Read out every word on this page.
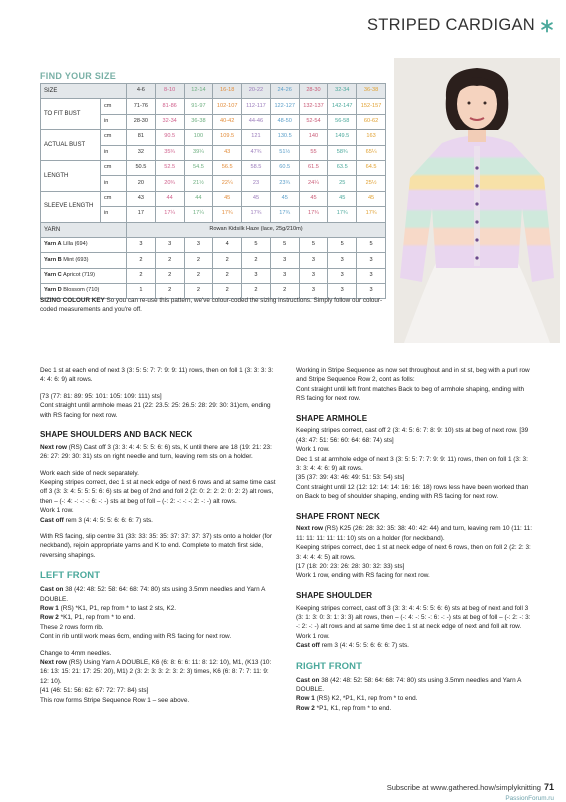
STRIPED CARDIGAN
FIND YOUR SIZE
SIZE		4-6	8-10	12-14	16-18	20-22	24-26	28-30	32-34	36-38
TO FIT BUST	cm	71-76	81-86	91-97	102-107	112-117	122-127	132-137	142-147	152-157
	in	28-30	32-34	36-38	40-42	44-46	48-50	52-54	56-58	60-62
ACTUAL BUST	cm	81	90.5	100	109.5	121	130.5	140	149.5	163
	in	32	35¾	39¼	43	47¾	51½	55	58¾	65¼
LENGTH	cm	50.5	52.5	54.5	56.5	58.5	60.5	61.5	63.5	64.5
	in	20	20¾	21½	22¼	23	23¾	24¼	25	25½
SLEEVE LENGTH	cm	43	44	44	45	45	45	45	45	45
	in	17	17¼	17¼	17¾	17¾	17¾	17¾	17¾	17¾
YARN		Rowan Kidsilk Haze (lace, 25g/210m)								
Yarn A Lilla (694)		3	3	3	4	5	5	5	5	5
Yarn B Mint (693)		2	2	2	2	2	3	3	3	3
Yarn C Apricot (719)		2	2	2	2	3	3	3	3	3
Yarn D Blossom (710)		1	2	2	2	2	2	3	3	3
SIZING COLOUR KEY So you can re-use this pattern, we've colour-coded the sizing instructions. Simply follow our colour-coded measurements and you're off.

Dec 1 st at each end of next 3 (3: 5: 5: 7: 7: 9: 9: 11) rows, then on foll 1 (3: 3: 3: 3: 4: 4: 6: 9) alt rows.

[73 (77: 81: 89: 95: 101: 105: 109: 111) sts]

Cont straight until armhole meas 21 (22: 23.5: 25: 26.5: 28: 29: 30: 31)cm, ending with RS facing for next row.

SHAPE SHOULDERS AND BACK NECK

Next row (RS) Cast off 3 (3: 3: 4: 4: 5: 5: 6: 6) sts, K until there are 18 (19: 21: 23: 26: 27: 29: 30: 31) sts on right needle and turn, leaving rem sts on a holder.

Work each side of neck separately.

Keeping stripes correct, dec 1 st at neck edge of next 6 rows and at same time cast off 3 (3: 3: 4: 5: 5: 5: 6: 6) sts at beg of 2nd and foll 2 (2: 0: 2: 2: 2: 0: 2: 2) alt rows, then – (-: 4: -: -: -: 6: -: -) sts at beg of foll – (-: 2: -: -: -: 2: -: -) alt rows.

Work 1 row.

Cast off rem 3 (4: 4: 5: 5: 6: 6: 6: 7) sts.

With RS facing, slip centre 31 (33: 33: 35: 35: 37: 37: 37: 37) sts onto a holder (for neckband), rejoin appropriate yarns and K to end. Complete to match first side, reversing shapings.

LEFT FRONT

Cast on 38 (42: 48: 52: 58: 64: 68: 74: 80) sts using 3.5mm needles and Yarn A DOUBLE.

Row 1 (RS) *K1, P1, rep from * to last 2 sts, K2.

Row 2 *K1, P1, rep from * to end.

These 2 rows form rib.

Cont in rib until work meas 6cm, ending with RS facing for next row.

Change to 4mm needles.

Next row (RS) Using Yarn A DOUBLE, K6 (6: 8: 6: 6: 11: 8: 12: 10), M1, (K13 (10: 16: 13: 15: 21: 17: 25: 20), M1) 2 (3: 2: 3: 3: 2: 3: 2: 3) times, K6 (6: 8: 7: 7: 11: 9: 12: 10).

[41 (46: 51: 56: 62: 67: 72: 77: 84) sts]

This row forms Stripe Sequence Row 1 – see above.

Working in Stripe Sequence as now set throughout and in st st, beg with a purl row and Stripe Sequence Row 2, cont as folls:

Cont straight until left front matches Back to beg of armhole shaping, ending with RS facing for next row.

SHAPE ARMHOLE

Keeping stripes correct, cast off 2 (3: 4: 5: 6: 7: 8: 9: 10) sts at beg of next row. [39 (43: 47: 51: 56: 60: 64: 68: 74) sts]

Work 1 row.

Dec 1 st at armhole edge of next 3 (3: 5: 5: 7: 7: 9: 9: 11) rows, then on foll 1 (3: 3: 3: 3: 4: 4: 6: 9) alt rows.

[35 (37: 39: 43: 46: 49: 51: 53: 54) sts]

Cont straight until 12 (12: 12: 14: 14: 16: 16: 18) rows less have been worked than on Back to beg of shoulder shaping, ending with RS facing for next row.

SHAPE FRONT NECK

Next row (RS) K25 (26: 28: 32: 35: 38: 40: 42: 44) and turn, leaving rem 10 (11: 11: 11: 11: 11: 11: 11: 10) sts on a holder (for neckband).

Keeping stripes correct, dec 1 st at neck edge of next 6 rows, then on foll 2 (2: 2: 3: 3: 4: 4: 4: 5) alt rows.

[17 (18: 20: 23: 26: 28: 30: 32: 33) sts]

Work 1 row, ending with RS facing for next row.

SHAPE SHOULDER

Keeping stripes correct, cast off 3 (3: 3: 4: 4: 5: 5: 6: 6) sts at beg of next and foll 3 (3: 1: 3: 0: 3: 1: 3: 3) alt rows, then – (-: 4: -: 5: -: 6: -: -) sts at beg of foll – (-: 2: -: 3: -: 2: -: -) alt rows and at same time dec 1 st at neck edge of next and foll alt row.

Work 1 row.

Cast off rem 3 (4: 4: 5: 5: 6: 6: 6: 7) sts.

RIGHT FRONT

Cast on 38 (42: 48: 52: 58: 64: 68: 74: 80) sts using 3.5mm needles and Yarn A DOUBLE.

Row 1 (RS) K2, *P1, K1, rep from * to end.

Row 2 *P1, K1, rep from * to end.

Subscribe at www.gathered.how/simplyknitting 71
PassionForum.ru
